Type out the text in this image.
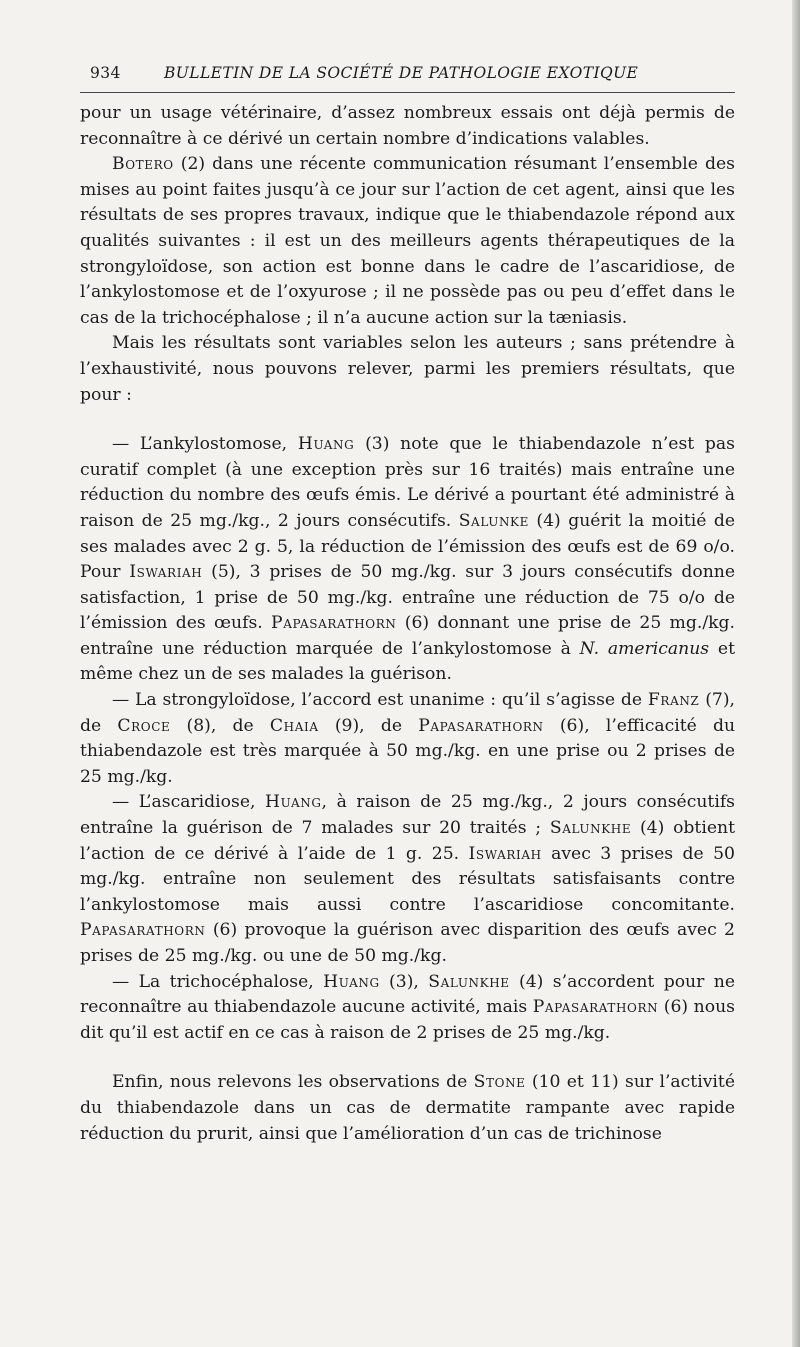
934	BULLETIN DE LA SOCIÉTÉ DE PATHOLOGIE EXOTIQUE

pour un usage vétérinaire, d’assez nombreux essais ont déjà permis de reconnaître à ce dérivé un certain nombre d’indications valables.

Botero (2) dans une récente communication résumant l’ensemble des mises au point faites jusqu’à ce jour sur l’action de cet agent, ainsi que les résultats de ses propres travaux, indique que le thiabendazole répond aux qualités suivantes : il est un des meilleurs agents thérapeutiques de la strongyloïdose, son action est bonne dans le cadre de l’ascaridiose, de l’ankylostomose et de l’oxyurose ; il ne possède pas ou peu d’effet dans le cas de la trichocéphalose ; il n’a aucune action sur la tæniasis.

Mais les résultats sont variables selon les auteurs ; sans prétendre à l’exhaustivité, nous pouvons relever, parmi les premiers résultats, que pour :

— L’ankylostomose, Huang (3) note que le thiabendazole n’est pas curatif complet (à une exception près sur 16 traités) mais entraîne une réduction du nombre des œufs émis. Le dérivé a pourtant été administré à raison de 25 mg./kg., 2 jours consécutifs. Salunke (4) guérit la moitié de ses malades avec 2 g. 5, la réduction de l’émission des œufs est de 69 o/o. Pour Iswariah (5), 3 prises de 50 mg./kg. sur 3 jours consécutifs donne satisfaction, 1 prise de 50 mg./kg. entraîne une réduction de 75 o/o de l’émission des œufs. Papasarathorn (6) donnant une prise de 25 mg./kg. entraîne une réduction marquée de l’ankylostomose à N. americanus et même chez un de ses malades la guérison.

— La strongyloïdose, l’accord est unanime : qu’il s’agisse de Franz (7), de Croce (8), de Chaia (9), de Papasarathorn (6), l’efficacité du thiabendazole est très marquée à 50 mg./kg. en une prise ou 2 prises de 25 mg./kg.

— L’ascaridiose, Huang, à raison de 25 mg./kg., 2 jours consécutifs entraîne la guérison de 7 malades sur 20 traités ; Salunkhe (4) obtient l’action de ce dérivé à l’aide de 1 g. 25. Iswariah avec 3 prises de 50 mg./kg. entraîne non seulement des résultats satisfaisants contre l’ankylostomose mais aussi contre l’ascaridiose concomitante. Papasarathorn (6) provoque la guérison avec disparition des œufs avec 2 prises de 25 mg./kg. ou une de 50 mg./kg.

— La trichocéphalose, Huang (3), Salunkhe (4) s’accordent pour ne reconnaître au thiabendazole aucune activité, mais Papasarathorn (6) nous dit qu’il est actif en ce cas à raison de 2 prises de 25 mg./kg.

Enfin, nous relevons les observations de Stone (10 et 11) sur l’activité du thiabendazole dans un cas de dermatite rampante avec rapide réduction du prurit, ainsi que l’amélioration d’un cas de trichinose
